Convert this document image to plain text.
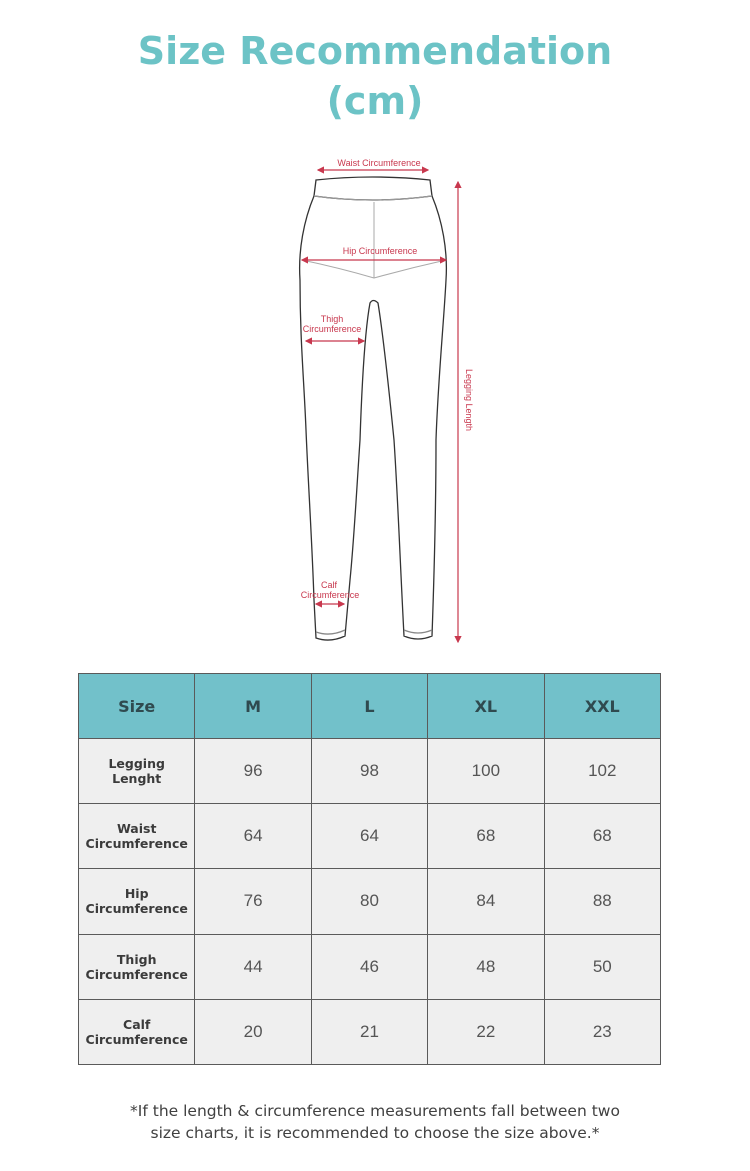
Size Recommendation
(cm)
Waist Circumference
Hip Circumference
Thigh
Circumference
Calf
Circumference
Legging Length
Size	M	L	XL	XXL
Legging
Lenght	96	98	100	102
Waist
Circumference	64	64	68	68
Hip
Circumference	76	80	84	88
Thigh
Circumference	44	46	48	50
Calf
Circumference	20	21	22	23
*If the length & circumference measurements fall between two
size charts, it is recommended to choose the size above.*
